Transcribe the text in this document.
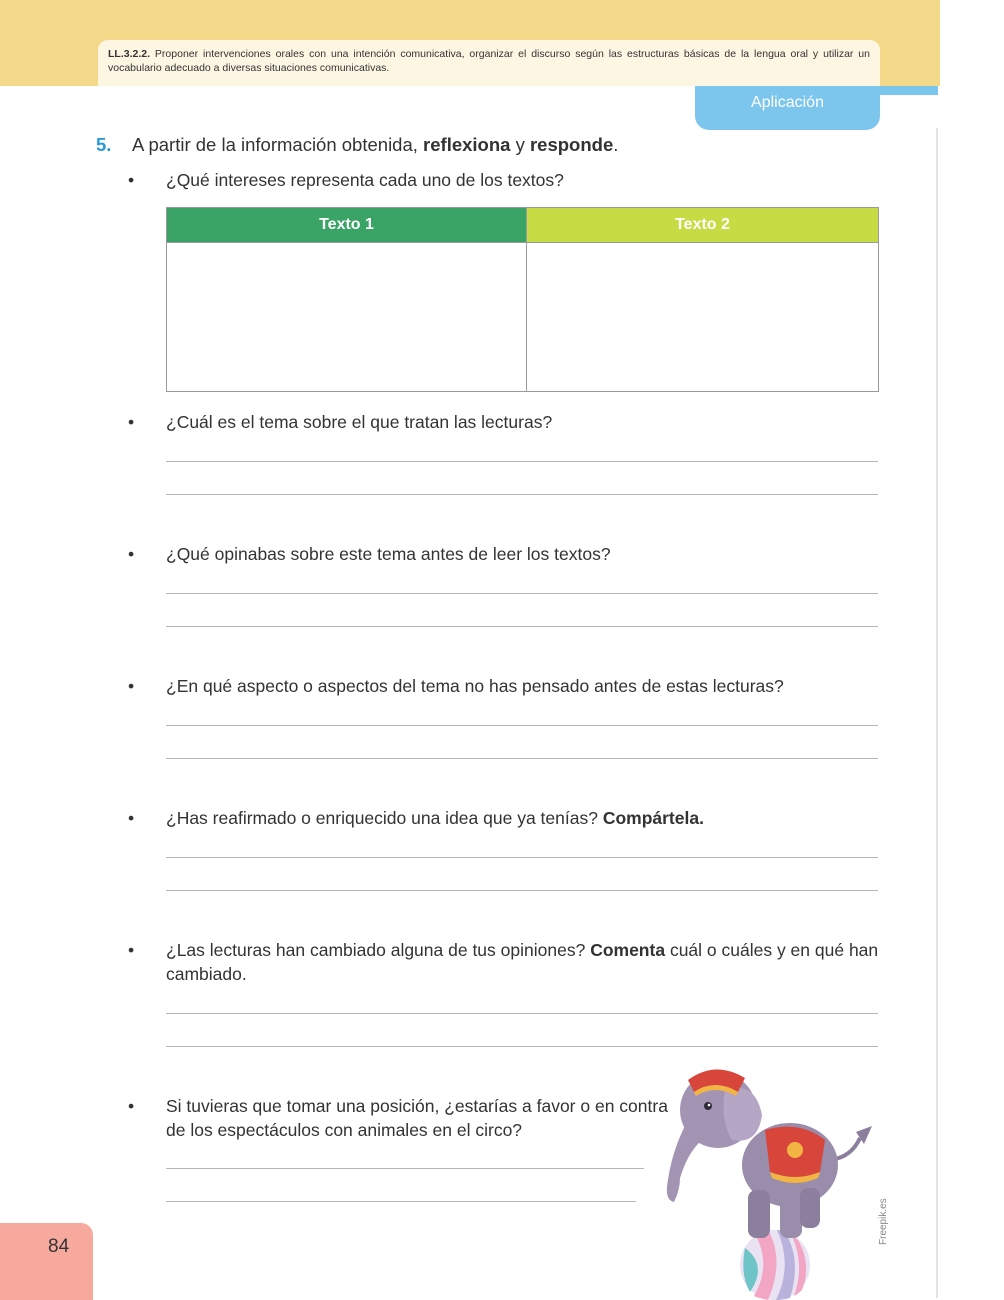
LL.3.2.2. Proponer intervenciones orales con una intención comunicativa, organizar el discurso según las estructuras básicas de la lengua oral y utilizar un vocabulario adecuado a diversas situaciones comunicativas.
Aplicación
5. A partir de la información obtenida, reflexiona y responde.
• ¿Qué intereses representa cada uno de los textos?
Texto 1	Texto 2

• ¿Cuál es el tema sobre el que tratan las lecturas?
• ¿Qué opinabas sobre este tema antes de leer los textos?
• ¿En qué aspecto o aspectos del tema no has pensado antes de estas lecturas?
• ¿Has reafirmado o enriquecido una idea que ya tenías? Compártela.
• ¿Las lecturas han cambiado alguna de tus opiniones? Comenta cuál o cuáles y en qué han
cambiado.
• Si tuvieras que tomar una posición, ¿estarías a favor o en contra
de los espectáculos con animales en el circo?
Freepik.es
84
